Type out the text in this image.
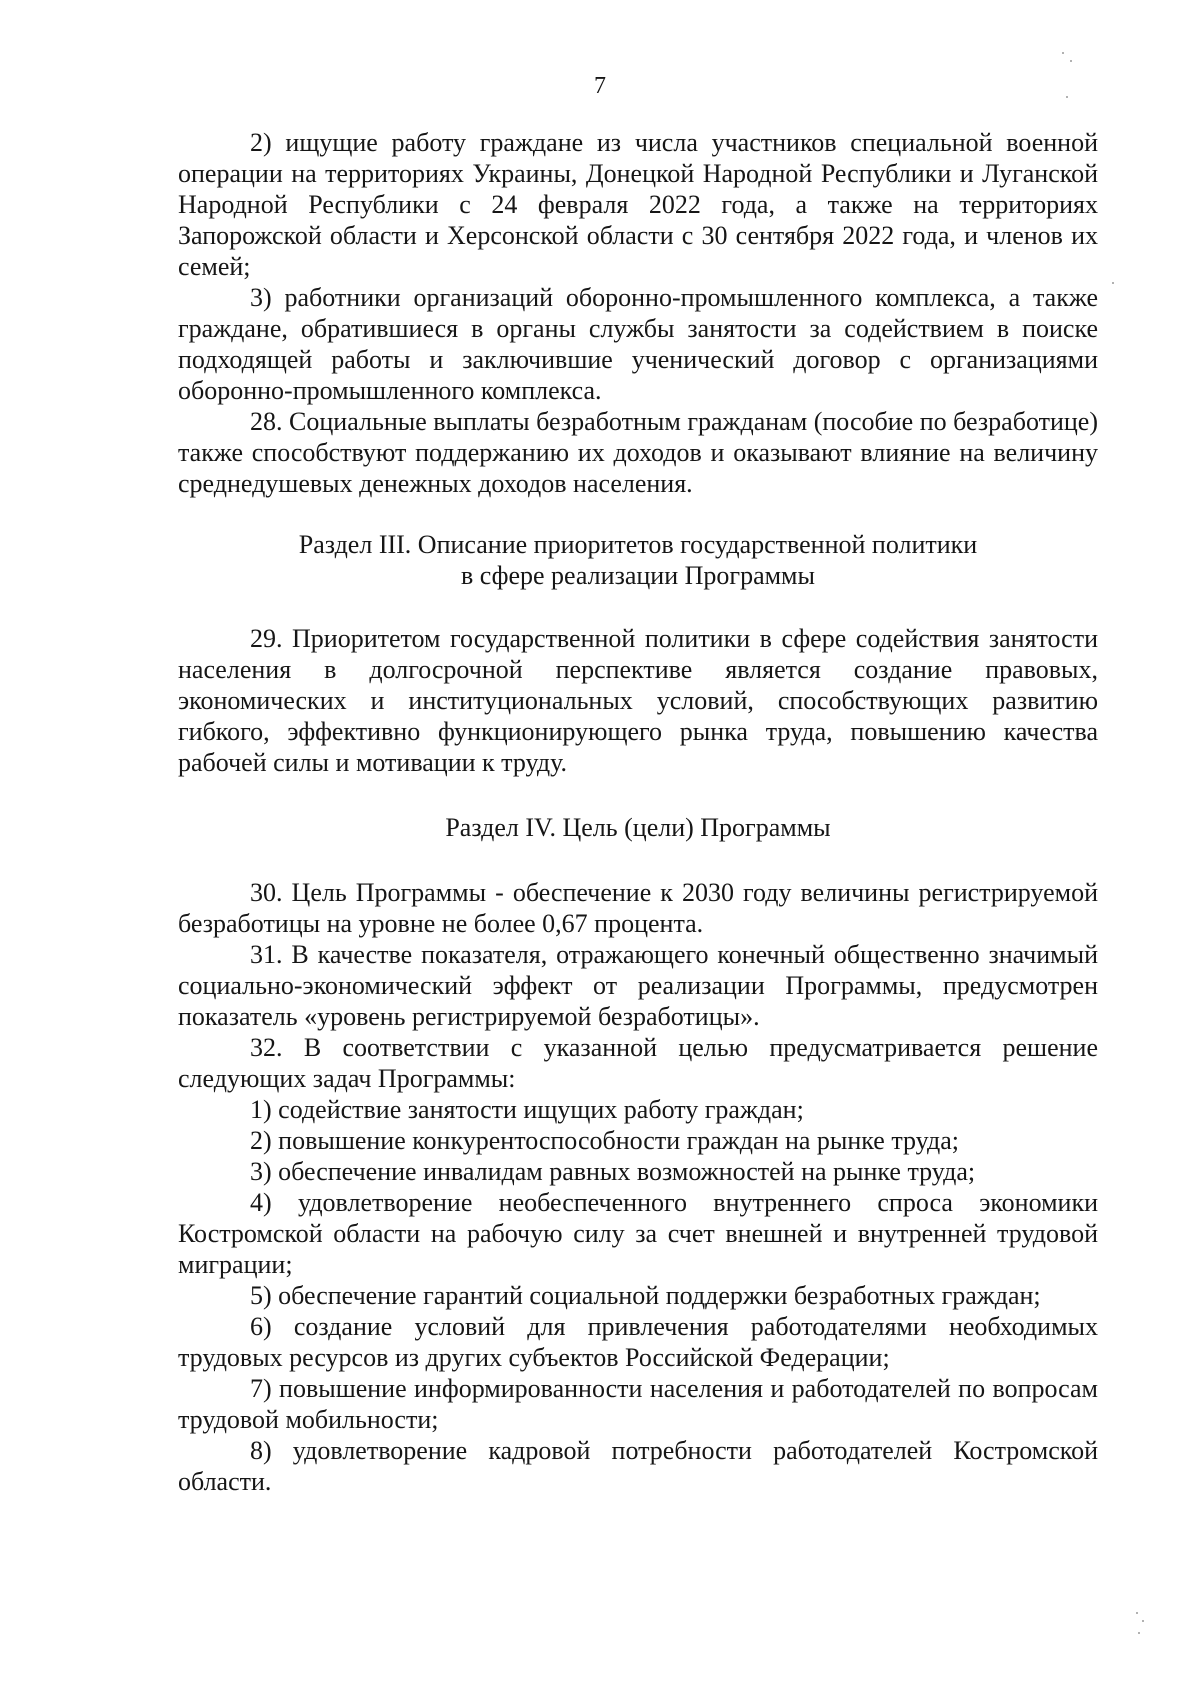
7

2) ищущие работу граждане из числа участников специальной военной операции на территориях Украины, Донецкой Народной Республики и Луганской Народной Республики с 24 февраля 2022 года, а также на территориях Запорожской области и Херсонской области с 30 сентября 2022 года, и членов их семей;

3) работники организаций оборонно-промышленного комплекса, а также граждане, обратившиеся в органы службы занятости за содействием в поиске подходящей работы и заключившие ученический договор с организациями оборонно-промышленного комплекса.

28. Социальные выплаты безработным гражданам (пособие по безработице) также способствуют поддержанию их доходов и оказывают влияние на величину среднедушевых денежных доходов населения.

Раздел III. Описание приоритетов государственной политики
в сфере реализации Программы

29. Приоритетом государственной политики в сфере содействия занятости населения в долгосрочной перспективе является создание правовых, экономических и институциональных условий, способствующих развитию гибкого, эффективно функционирующего рынка труда, повышению качества рабочей силы и мотивации к труду.

Раздел IV. Цель (цели) Программы

30. Цель Программы - обеспечение к 2030 году величины регистрируемой безработицы на уровне не более 0,67 процента.

31. В качестве показателя, отражающего конечный общественно значимый социально-экономический эффект от реализации Программы, предусмотрен показатель «уровень регистрируемой безработицы».

32. В соответствии с указанной целью предусматривается решение следующих задач Программы:

1) содействие занятости ищущих работу граждан;

2) повышение конкурентоспособности граждан на рынке труда;

3) обеспечение инвалидам равных возможностей на рынке труда;

4) удовлетворение необеспеченного внутреннего спроса экономики Костромской области на рабочую силу за счет внешней и внутренней трудовой миграции;

5) обеспечение гарантий социальной поддержки безработных граждан;

6) создание условий для привлечения работодателями необходимых трудовых ресурсов из других субъектов Российской Федерации;

7) повышение информированности населения и работодателей по вопросам трудовой мобильности;

8) удовлетворение кадровой потребности работодателей Костромской области.
